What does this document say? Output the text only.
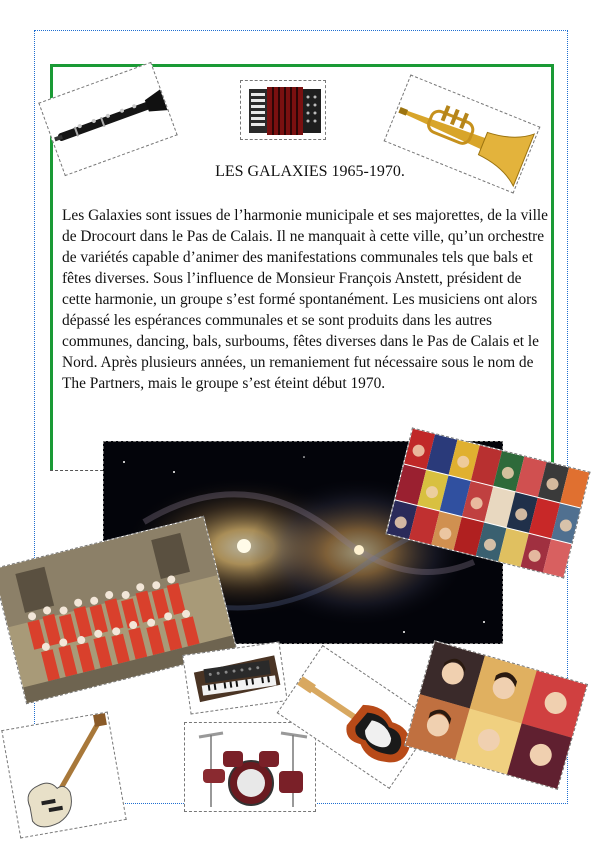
LES GALAXIES 1965-1970.

Les Galaxies sont issues de l’harmonie municipale et ses majorettes, de la ville de Drocourt dans le Pas de Calais. Il ne manquait à cette ville, qu’un orchestre de variétés capable d’animer des manifestations communales tels que bals et fêtes diverses. Sous l’influence de Monsieur François Anstett, président de cette harmonie, un groupe s’est formé spontanément. Les musiciens ont alors dépassé les espérances communales et se sont produits dans les autres communes, dancing, bals, surboums, fêtes diverses dans le Pas de Calais et le Nord. Après plusieurs années, un remaniement fut nécessaire sous le nom de The Partners, mais le groupe s’est éteint début 1970.
